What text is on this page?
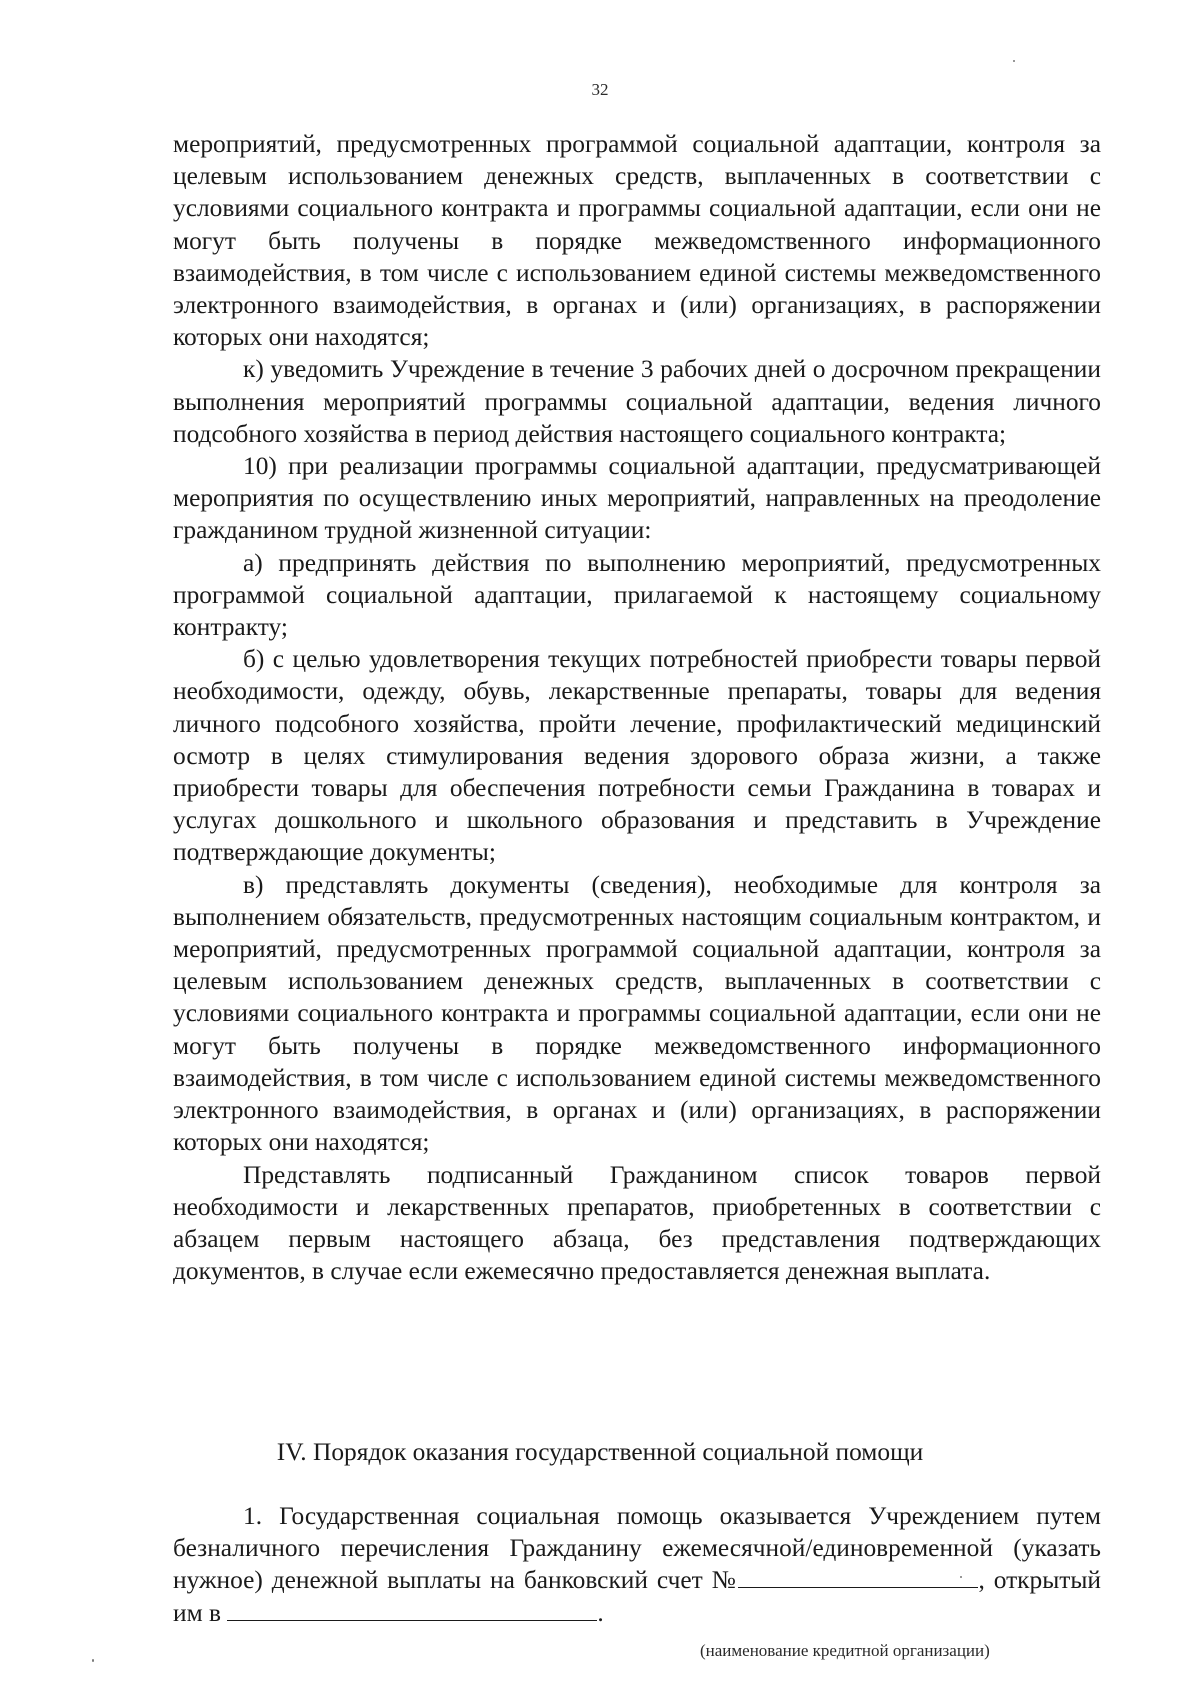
32

мероприятий, предусмотренных программой социальной адаптации, контроля за целевым использованием денежных средств, выплаченных в соответствии с условиями социального контракта и программы социальной адаптации, если они не могут быть получены в порядке межведомственного информационного взаимодействия, в том числе с использованием единой системы межведомственного электронного взаимодействия, в органах и (или) организациях, в распоряжении которых они находятся;

к) уведомить Учреждение в течение 3 рабочих дней о досрочном прекращении выполнения мероприятий программы социальной адаптации, ведения личного подсобного хозяйства в период действия настоящего социального контракта;

10) при реализации программы социальной адаптации, предусматривающей мероприятия по осуществлению иных мероприятий, направленных на преодоление гражданином трудной жизненной ситуации:

а) предпринять действия по выполнению мероприятий, предусмотренных программой социальной адаптации, прилагаемой к настоящему социальному контракту;

б) с целью удовлетворения текущих потребностей приобрести товары первой необходимости, одежду, обувь, лекарственные препараты, товары для ведения личного подсобного хозяйства, пройти лечение, профилактический медицинский осмотр в целях стимулирования ведения здорового образа жизни, а также приобрести товары для обеспечения потребности семьи Гражданина в товарах и услугах дошкольного и школьного образования и представить в Учреждение подтверждающие документы;

в) представлять документы (сведения), необходимые для контроля за выполнением обязательств, предусмотренных настоящим социальным контрактом, и мероприятий, предусмотренных программой социальной адаптации, контроля за целевым использованием денежных средств, выплаченных в соответствии с условиями социального контракта и программы социальной адаптации, если они не могут быть получены в порядке межведомственного информационного взаимодействия, в том числе с использованием единой системы межведомственного электронного взаимодействия, в органах и (или) организациях, в распоряжении которых они находятся;

Представлять подписанный Гражданином список товаров первой необходимости и лекарственных препаратов, приобретенных в соответствии с абзацем первым настоящего абзаца, без представления подтверждающих документов, в случае если ежемесячно предоставляется денежная выплата.

IV. Порядок оказания государственной социальной помощи

1. Государственная социальная помощь оказывается Учреждением путем безналичного перечисления Гражданину ежемесячной/единовременной (указать нужное) денежной выплаты на банковский счет №	, открытый им в	.

(наименование кредитной организации)
